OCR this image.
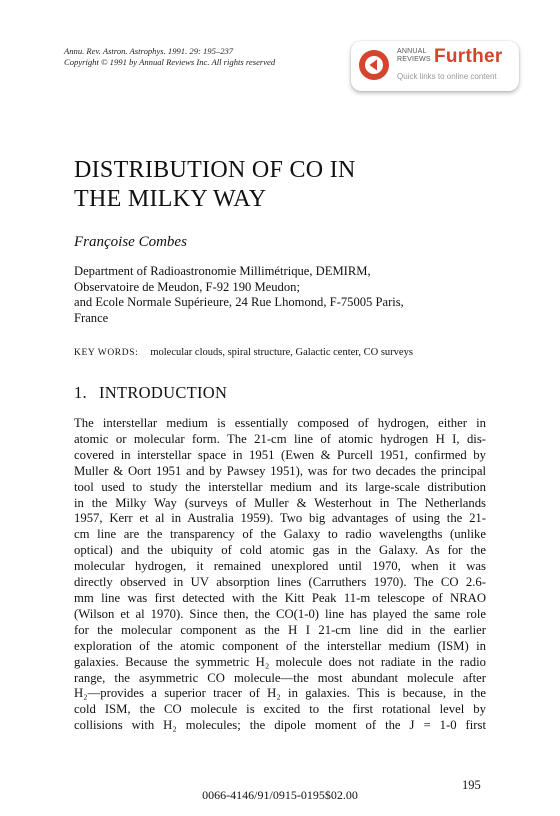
Annu. Rev. Astron. Astrophys. 1991. 29: 195–237
Copyright © 1991 by Annual Reviews Inc. All rights reserved
ANNUAL
REVIEWS Further
Quick links to online content
DISTRIBUTION OF CO IN
THE MILKY WAY
Françoise Combes
Department of Radioastronomie Millimétrique, DEMIRM,
Observatoire de Meudon, F-92 190 Meudon;
and Ecole Normale Supérieure, 24 Rue Lhomond, F-75005 Paris,
France
KEY WORDS: molecular clouds, spiral structure, Galactic center, CO surveys
1. INTRODUCTION
The interstellar medium is essentially composed of hydrogen, either in
atomic or molecular form. The 21-cm line of atomic hydrogen H I, dis-
covered in interstellar space in 1951 (Ewen & Purcell 1951, confirmed by
Muller & Oort 1951 and by Pawsey 1951), was for two decades the principal
tool used to study the interstellar medium and its large-scale distribution
in the Milky Way (surveys of Muller & Westerhout in The Netherlands
1957, Kerr et al in Australia 1959). Two big advantages of using the 21-
cm line are the transparency of the Galaxy to radio wavelengths (unlike
optical) and the ubiquity of cold atomic gas in the Galaxy. As for the
molecular hydrogen, it remained unexplored until 1970, when it was
directly observed in UV absorption lines (Carruthers 1970). The CO 2.6-
mm line was first detected with the Kitt Peak 11-m telescope of NRAO
(Wilson et al 1970). Since then, the CO(1-0) line has played the same role
for the molecular component as the H I 21-cm line did in the earlier
exploration of the atomic component of the interstellar medium (ISM) in
galaxies. Because the symmetric H₂ molecule does not radiate in the radio
range, the asymmetric CO molecule—the most abundant molecule after
H₂—provides a superior tracer of H₂ in galaxies. This is because, in the
cold ISM, the CO molecule is excited to the first rotational level by
collisions with H₂ molecules; the dipole moment of the J = 1-0 first
195
0066-4146/91/0915-0195$02.00
